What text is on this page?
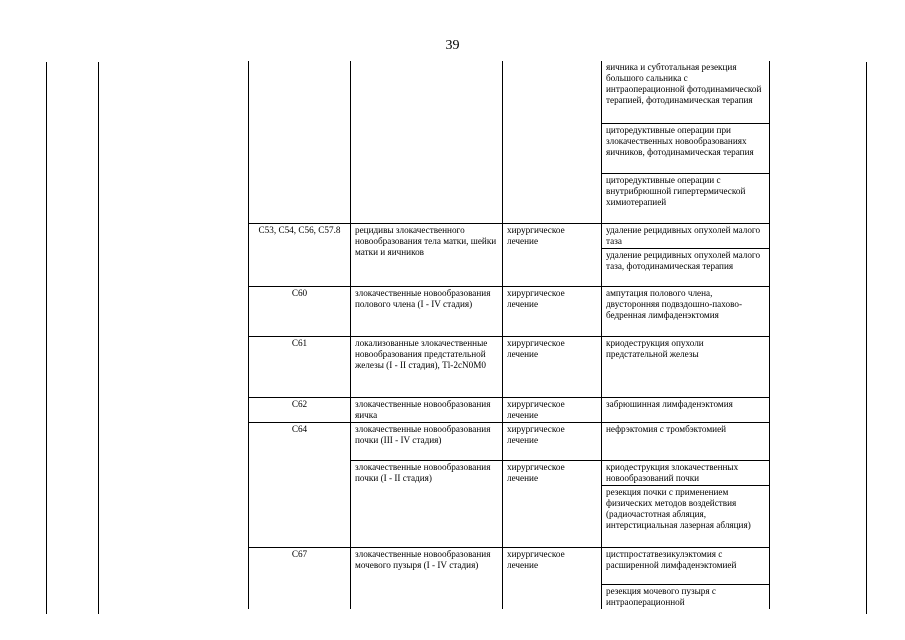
39
			яичника и субтотальная резекция большого сальника с интраоперационной фотодинамической терапией, фотодинамическая терапия
			циторедуктивные операции при злокачественных новообразованиях яичников, фотодинамическая терапия
			циторедуктивные операции с внутрибрюшной гипертермической химиотерапией
C53, C54, C56, C57.8	рецидивы злокачественного новообразования тела матки, шейки матки и яичников	хирургическое лечение	удаление рецидивных опухолей малого таза
			удаление рецидивных опухолей малого таза, фотодинамическая терапия
C60	злокачественные новообразования полового члена (I - IV стадия)	хирургическое лечение	ампутация полового члена, двусторонняя подвздошно-пахово-бедренная лимфаденэктомия
C61	локализованные злокачественные новообразования предстательной железы (I - II стадия), Tl-2cN0M0	хирургическое лечение	криодеструкция опухоли предстательной железы
C62	злокачественные новообразования яичка	хирургическое лечение	забрюшинная лимфаденэктомия
C64	злокачественные новообразования почки (III - IV стадия)	хирургическое лечение	нефрэктомия с тромбэктомией
	злокачественные новообразования почки (I - II стадия)	хирургическое лечение	криодеструкция злокачественных новообразований почки
			резекция почки с применением физических методов воздействия (радиочастотная абляция, интерстициальная лазерная абляция)
C67	злокачественные новообразования мочевого пузыря (I - IV стадия)	хирургическое лечение	цистпростатвезикулэктомия с расширенной лимфаденэктомией
			резекция мочевого пузыря с интраоперационной
